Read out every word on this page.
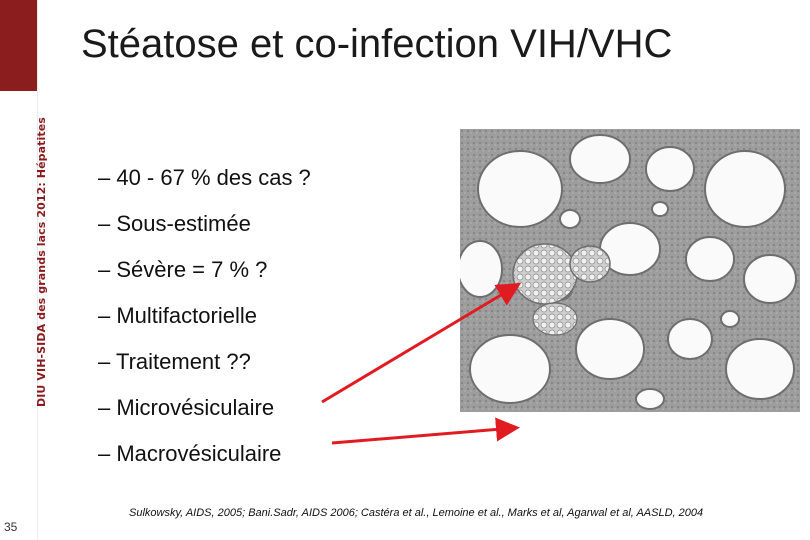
DIU VIH-SIDA des grands lacs 2012: Hépatites
35
Stéatose et co-infection VIH/VHC
– 40 - 67 % des cas ?
– Sous-estimée
– Sévère = 7 % ?
– Multifactorielle
– Traitement ??
– Microvésiculaire
– Macrovésiculaire
Sulkowsky, AIDS, 2005; Bani.Sadr, AIDS 2006; Castéra et al., Lemoine et al., Marks et al, Agarwal et al, AASLD, 2004
